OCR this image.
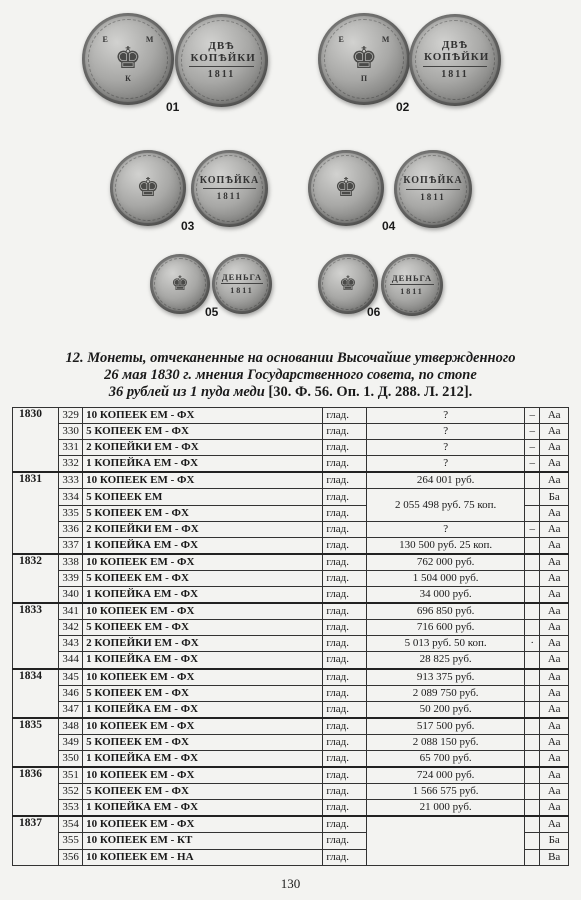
Е М
♚
К
ДВѢ КОПѢЙКИ
1811
01
Е М
♚
П
ДВѢ КОПѢЙКИ
1811
02
♚	КОПѢЙКА
1811
03
♚	КОПѢЙКА
1811
04
♚	ДЕНЬГА
1811
05
♚	ДЕНЬГА
1811
06
12. Монеты, отчеканенные на основании Высочайше утвержденного
26 мая 1830 г. мнения Государственного совета, по стопе
36 рублей из 1 пуда меди [30. Ф. 56. Оп. 1. Д. 288. Л. 212].
1830	329	10 КОПЕЕК ЕМ - ФХ	глад.	?	–	Аа
	330	5 КОПЕЕК ЕМ - ФХ	глад.	?	–	Аа
	331	2 КОПЕЙКИ ЕМ - ФХ	глад.	?	–	Аа
	332	1 КОПЕЙКА ЕМ - ФХ	глад.	?	–	Аа
1831	333	10 КОПЕЕК ЕМ - ФХ	глад.	264 001 руб.		Аа
	334	5 КОПЕЕК ЕМ	глад.	2 055 498 руб. 75 коп.		Ба
	335	5 КОПЕЕК ЕМ - ФХ	глад.			Аа
	336	2 КОПЕЙКИ ЕМ - ФХ	глад.	?	–	Аа
	337	1 КОПЕЙКА ЕМ - ФХ	глад.	130 500 руб. 25 коп.		Аа
1832	338	10 КОПЕЕК ЕМ - ФХ	глад.	762 000 руб.		Аа
	339	5 КОПЕЕК ЕМ - ФХ	глад.	1 504 000 руб.		Аа
	340	1 КОПЕЙКА ЕМ - ФХ	глад.	34 000 руб.		Аа
1833	341	10 КОПЕЕК ЕМ - ФХ	глад.	696 850 руб.		Аа
	342	5 КОПЕЕК ЕМ - ФХ	глад.	716 600 руб.		Аа
	343	2 КОПЕЙКИ ЕМ - ФХ	глад.	5 013 руб. 50 коп.	·	Аа
	344	1 КОПЕЙКА ЕМ - ФХ	глад.	28 825 руб.		Аа
1834	345	10 КОПЕЕК ЕМ - ФХ	глад.	913 375 руб.		Аа
	346	5 КОПЕЕК ЕМ - ФХ	глад.	2 089 750 руб.		Аа
	347	1 КОПЕЙКА ЕМ - ФХ	глад.	50 200 руб.		Аа
1835	348	10 КОПЕЕК ЕМ - ФХ	глад.	517 500 руб.		Аа
	349	5 КОПЕЕК ЕМ - ФХ	глад.	2 088 150 руб.		Аа
	350	1 КОПЕЙКА ЕМ - ФХ	глад.	65 700 руб.		Аа
1836	351	10 КОПЕЕК ЕМ - ФХ	глад.	724 000 руб.		Аа
	352	5 КОПЕЕК ЕМ - ФХ	глад.	1 566 575 руб.		Аа
	353	1 КОПЕЙКА ЕМ - ФХ	глад.	21 000 руб.		Аа
1837	354	10 КОПЕЕК ЕМ - ФХ	глад.			Аа
	355	10 КОПЕЕК ЕМ - КТ	глад.			Ба
	356	10 КОПЕЕК ЕМ - НА	глад.			Ва
130
